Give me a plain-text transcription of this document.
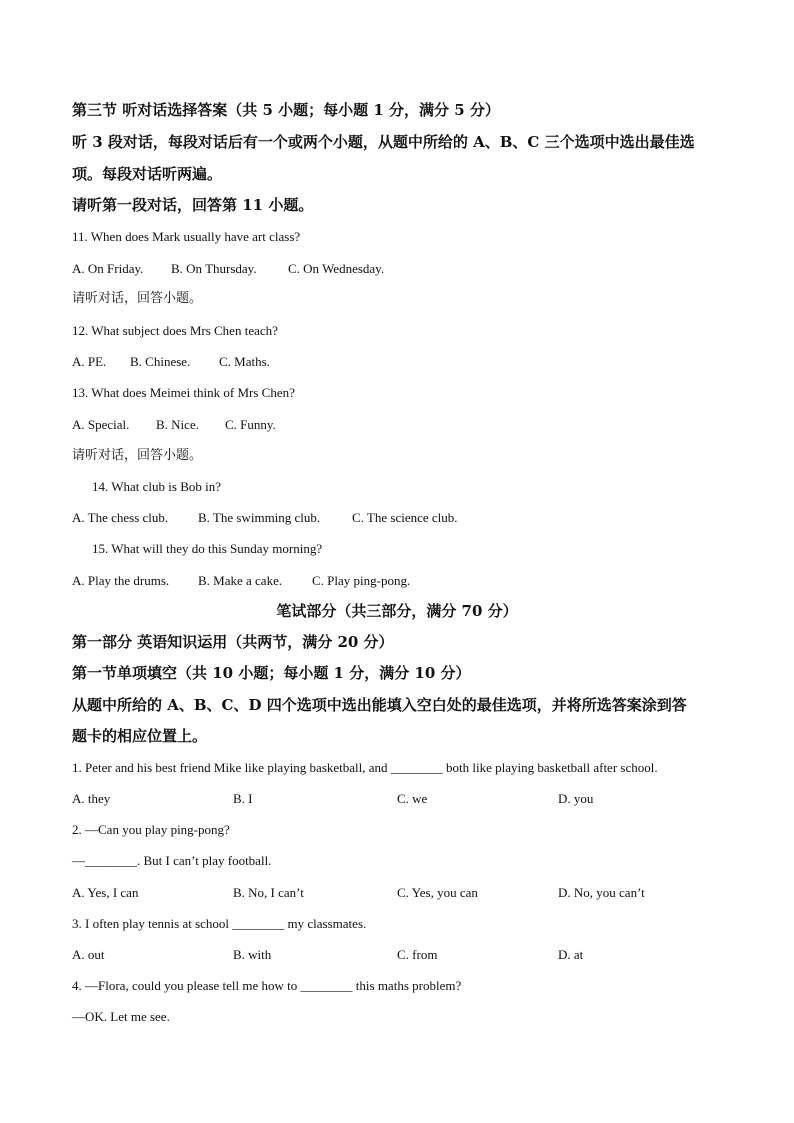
第三节 听对话选择答案（共 5 小题；每小题 1 分，满分 5 分）
听 3 段对话，每段对话后有一个或两个小题，从题中所给的 A、B、C 三个选项中选出最佳选
项。每段对话听两遍。
请听第一段对话，回答第 11 小题。
11. When does Mark usually have art class?
A. On Friday. B. On Thursday. C. On Wednesday.
请听对话，回答小题。
12. What subject does Mrs Chen teach?
A. PE. B. Chinese. C. Maths.
13. What does Meimei think of Mrs Chen?
A. Special. B. Nice. C. Funny.
请听对话，回答小题。
14. What club is Bob in?
A. The chess club. B. The swimming club. C. The science club.
15. What will they do this Sunday morning?
A. Play the drums. B. Make a cake. C. Play ping-pong.
笔试部分（共三部分，满分 70 分）
第一部分 英语知识运用（共两节，满分 20 分）
第一节单项填空（共 10 小题；每小题 1 分，满分 10 分）
从题中所给的 A、B、C、D 四个选项中选出能填入空白处的最佳选项，并将所选答案涂到答
题卡的相应位置上。
1. Peter and his best friend Mike like playing basketball, and ________ both like playing basketball after school.
A. they	B. I	C. we	D. you
2. —Can you play ping-pong?
—________. But I can’t play football.
A. Yes, I can	B. No, I can’t	C. Yes, you can	D. No, you can’t
3. I often play tennis at school ________ my classmates.
A. out	B. with	C. from	D. at
4. —Flora, could you please tell me how to ________ this maths problem?
—OK. Let me see.
